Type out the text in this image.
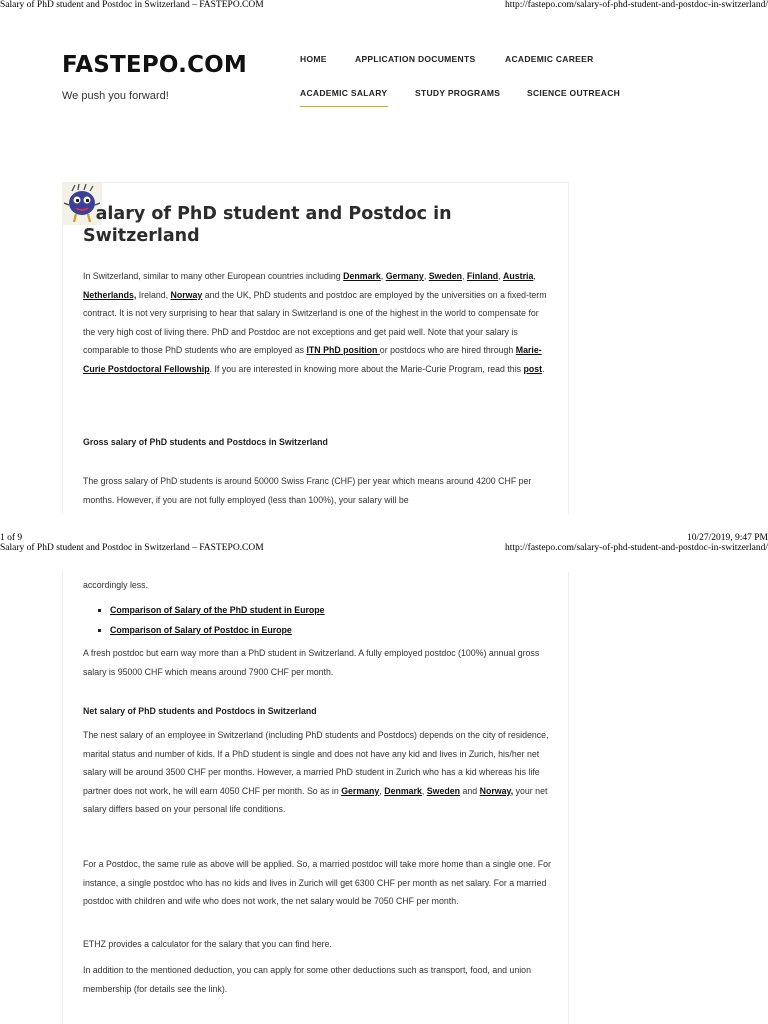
Salary of PhD student and Postdoc in Switzerland – FASTEPO.COM	http://fastepo.com/salary-of-phd-student-and-postdoc-in-switzerland/
FASTEPO.COM
We push you forward!
HOME	APPLICATION DOCUMENTS	ACADEMIC CAREER
ACADEMIC SALARY	STUDY PROGRAMS	SCIENCE OUTREACH
alary of PhD student and Postdoc in
Switzerland

In Switzerland, similar to many other European countries including Denmark, Germany, Sweden, Finland, Austria, Netherlands, Ireland, Norway and the UK, PhD students and postdoc are employed by the universities on a fixed-term contract. It is not very surprising to hear that salary in Switzerland is one of the highest in the world to compensate for the very high cost of living there. PhD and Postdoc are not exceptions and get paid well. Note that your salary is comparable to those PhD students who are employed as ITN PhD position or postdocs who are hired through Marie-Curie Postdoctoral Fellowship. If you are interested in knowing more about the Marie-Curie Program, read this post.

Gross salary of PhD students and Postdocs in Switzerland

The gross salary of PhD students is around 50000 Swiss Franc (CHF) per year which means around 4200 CHF per months. However, if you are not fully employed (less than 100%), your salary will be

1 of 9	10/27/2019, 9:47 PM
Salary of PhD student and Postdoc in Switzerland – FASTEPO.COM	http://fastepo.com/salary-of-phd-student-and-postdoc-in-switzerland/

accordingly less.

▪ Comparison of Salary of the PhD student in Europe
▪ Comparison of Salary of Postdoc in Europe

A fresh postdoc but earn way more than a PhD student in Switzerland. A fully employed postdoc (100%) annual gross salary is 95000 CHF which means around 7900 CHF per month.

Net salary of PhD students and Postdocs in Switzerland

The nest salary of an employee in Switzerland (including PhD students and Postdocs) depends on the city of residence, marital status and number of kids. If a PhD student is single and does not have any kid and lives in Zurich, his/her net salary will be around 3500 CHF per months. However, a married PhD student in Zurich who has a kid whereas his life partner does not work, he will earn 4050 CHF per month. So as in Germany, Denmark, Sweden and Norway, your net salary differs based on your personal life conditions.

For a Postdoc, the same rule as above will be applied. So, a married postdoc will take more home than a single one. For instance, a single postdoc who has no kids and lives in Zurich will get 6300 CHF per month as net salary. For a married postdoc with children and wife who does not work, the net salary would be 7050 CHF per month.

ETHZ provides a calculator for the salary that you can find here.

In addition to the mentioned deduction, you can apply for some other deductions such as transport, food, and union membership (for details see the link).
